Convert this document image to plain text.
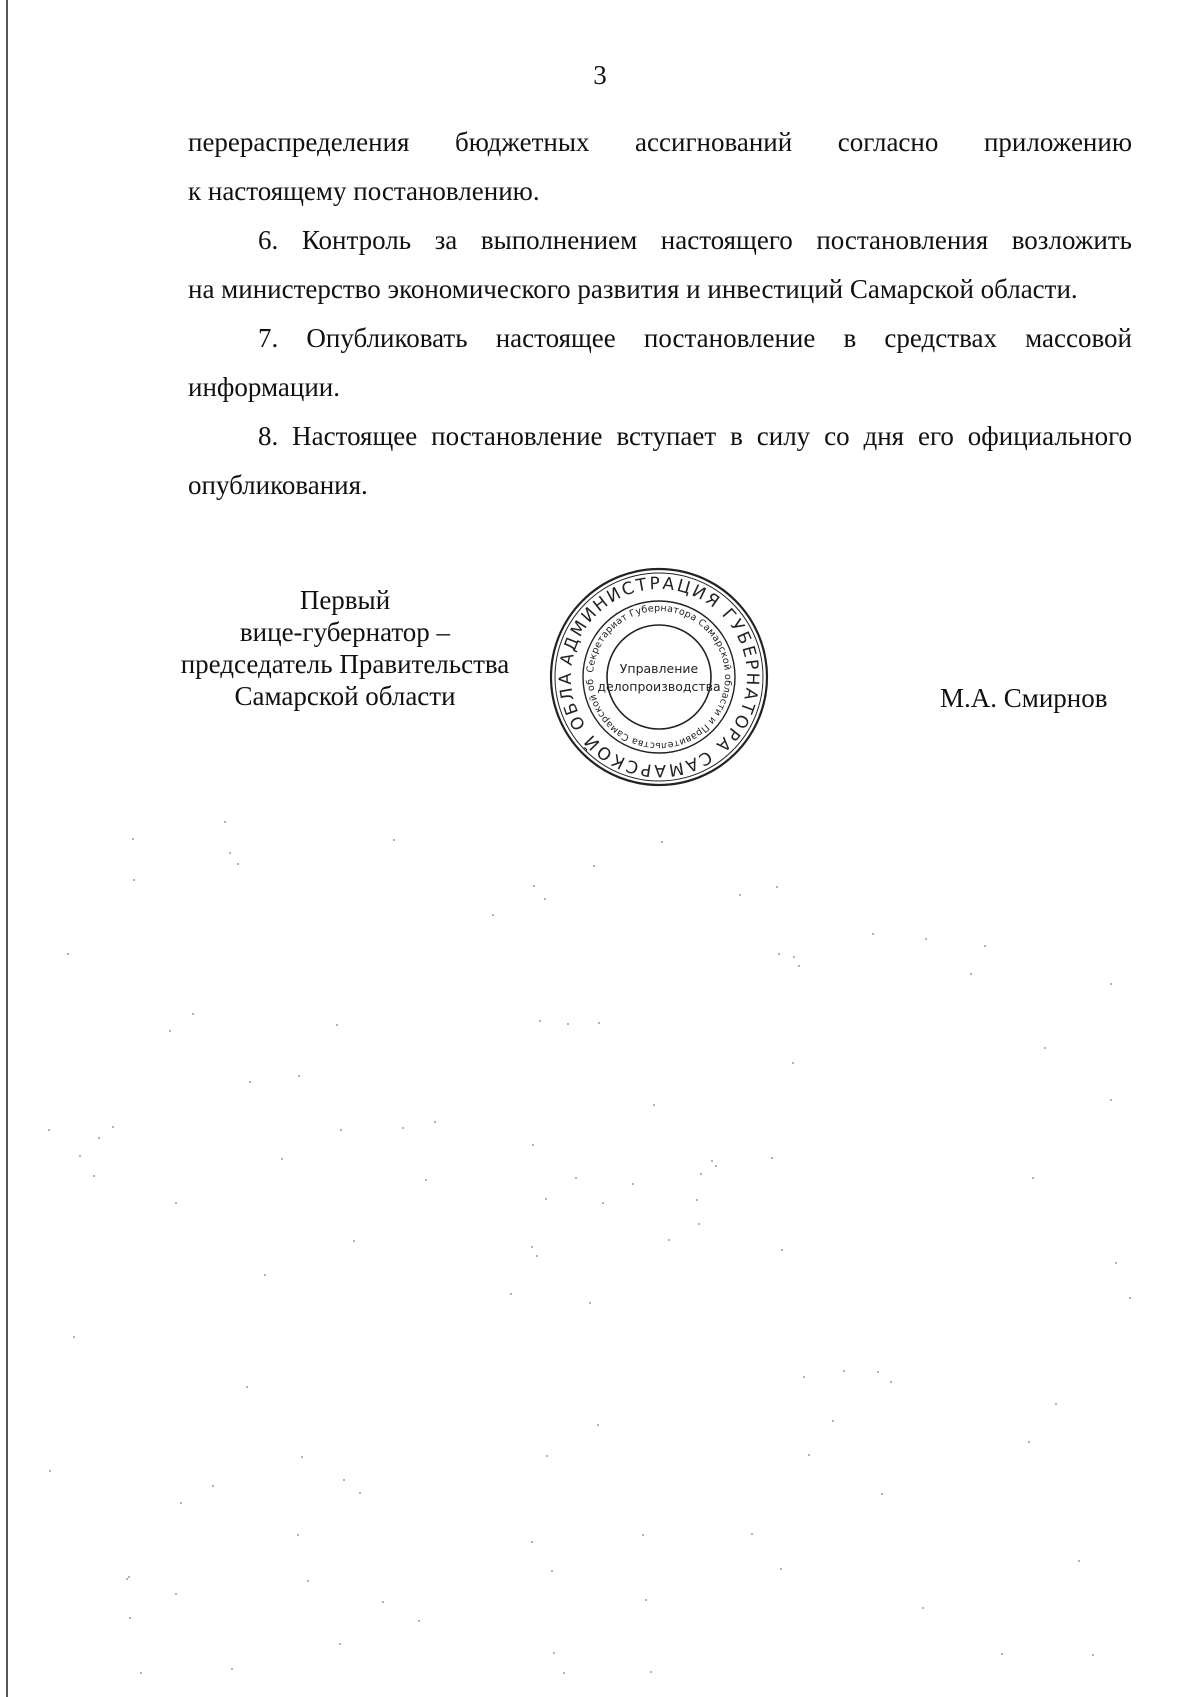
3

перераспределения бюджетных ассигнований согласно приложению
к настоящему постановлению.

6. Контроль за выполнением настоящего постановления возложить
на министерство экономического развития и инвестиций Самарской области.

7. Опубликовать настоящее постановление в средствах массовой
информации.

8. Настоящее постановление вступает в силу со дня его официального
опубликования.

Первый
вице-губернатор –
председатель Правительства
Самарской области
АДМИНИСТРАЦИЯ ГУБЕРНАТОРА САМАРСКОЙ ОБЛА
Секретариат Губернатора Самарской области и Правительства Самарской об
Управление
делопроизводства	М.А. Смирнов
